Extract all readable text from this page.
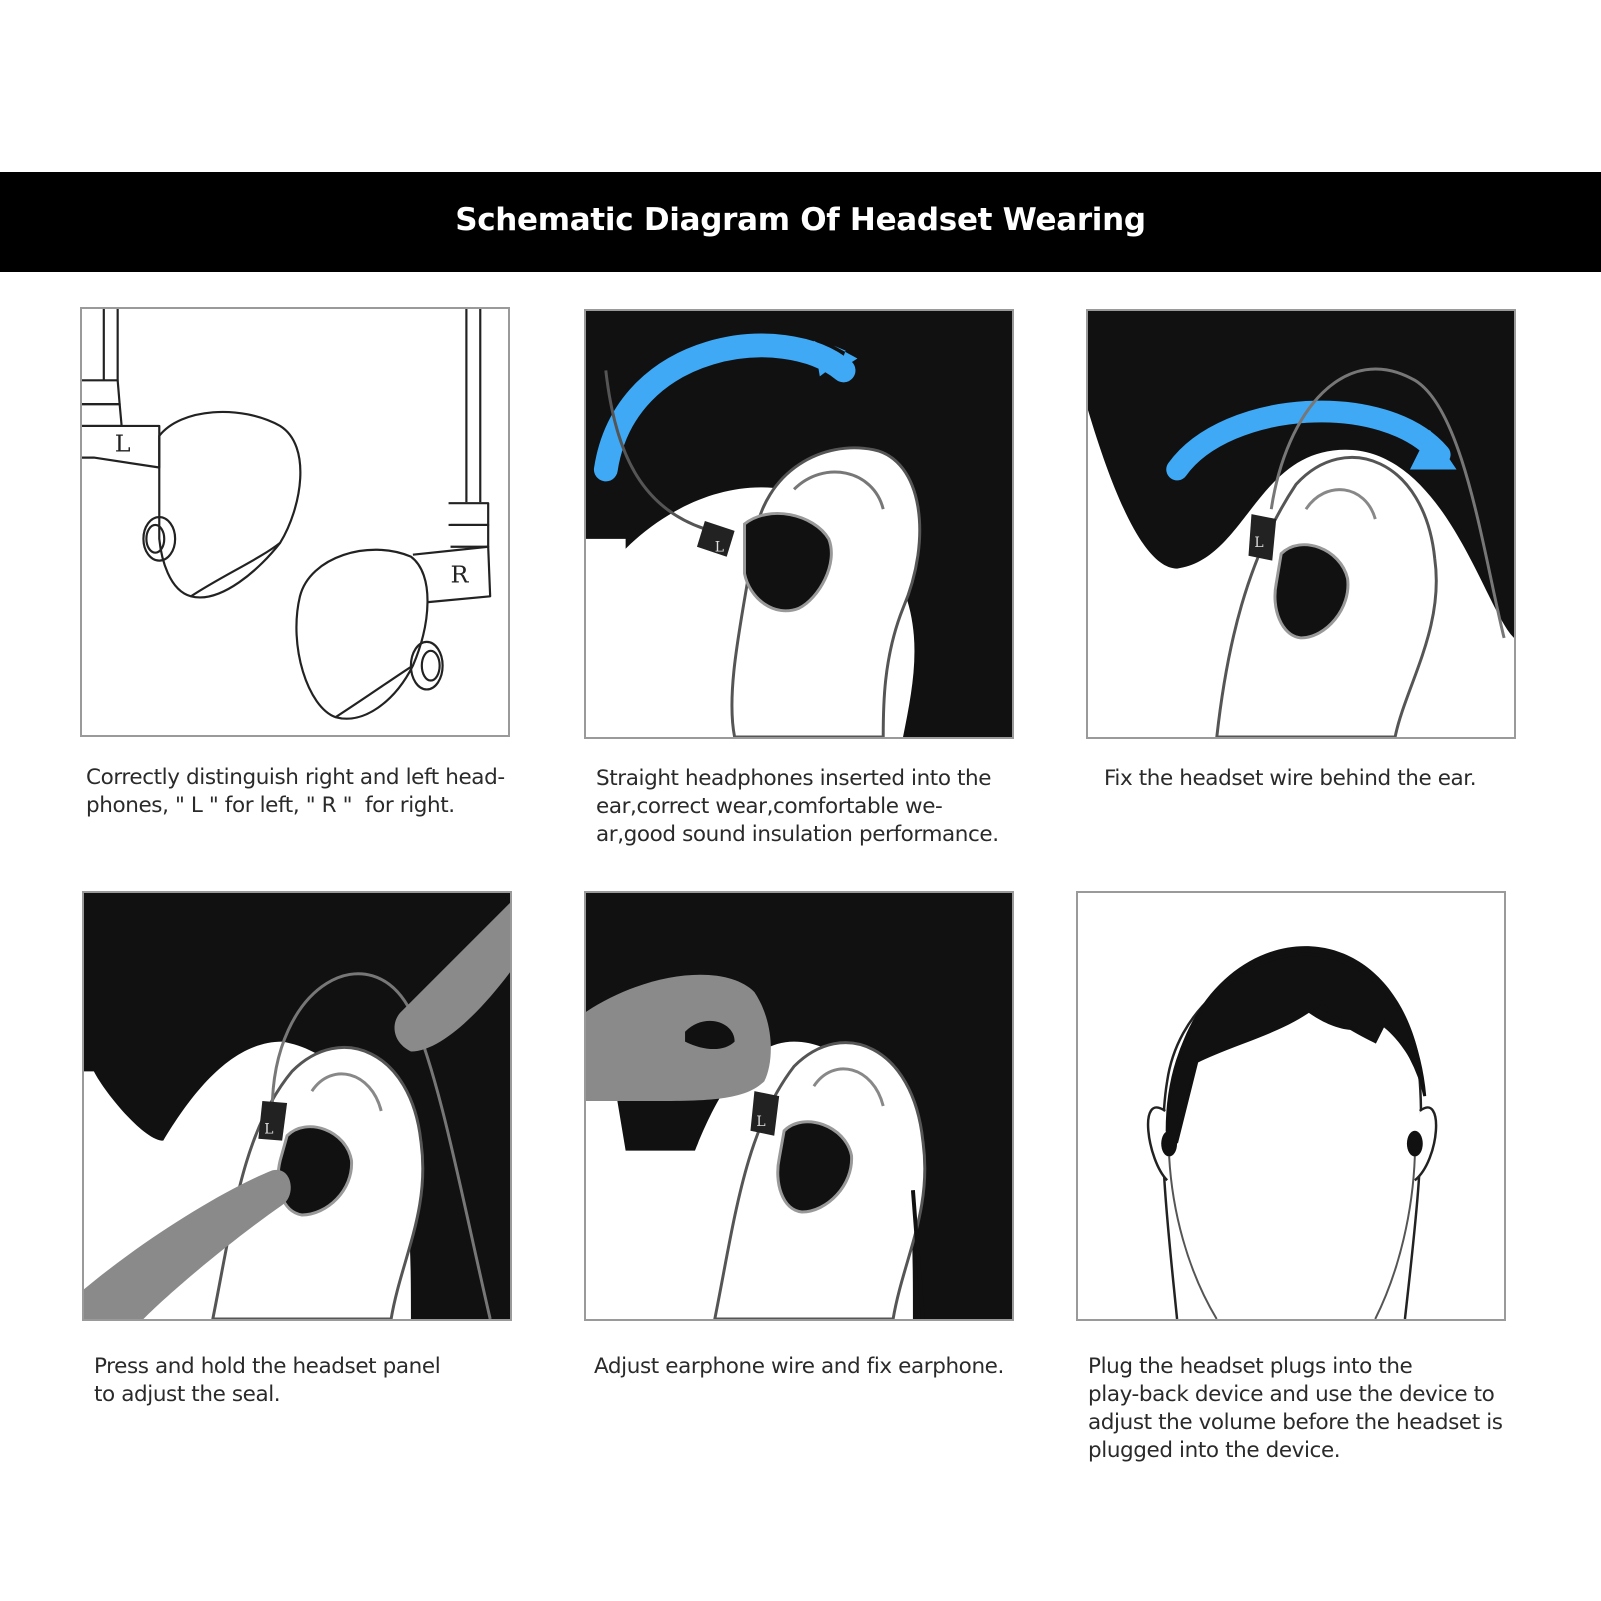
Schematic Diagram Of Headset Wearing
L
R
Correctly distinguish right and left head-
phones, " L " for left, " R "  for right.
L
Straight headphones inserted into the
ear,correct wear,comfortable we-
ar,good sound insulation performance.
L
Fix the headset wire behind the ear.
L
Press and hold the headset panel
to adjust the seal.
L
Adjust earphone wire and fix earphone.	Plug the headset plugs into the
play-back device and use the device to
adjust the volume before the headset is
plugged into the device.
